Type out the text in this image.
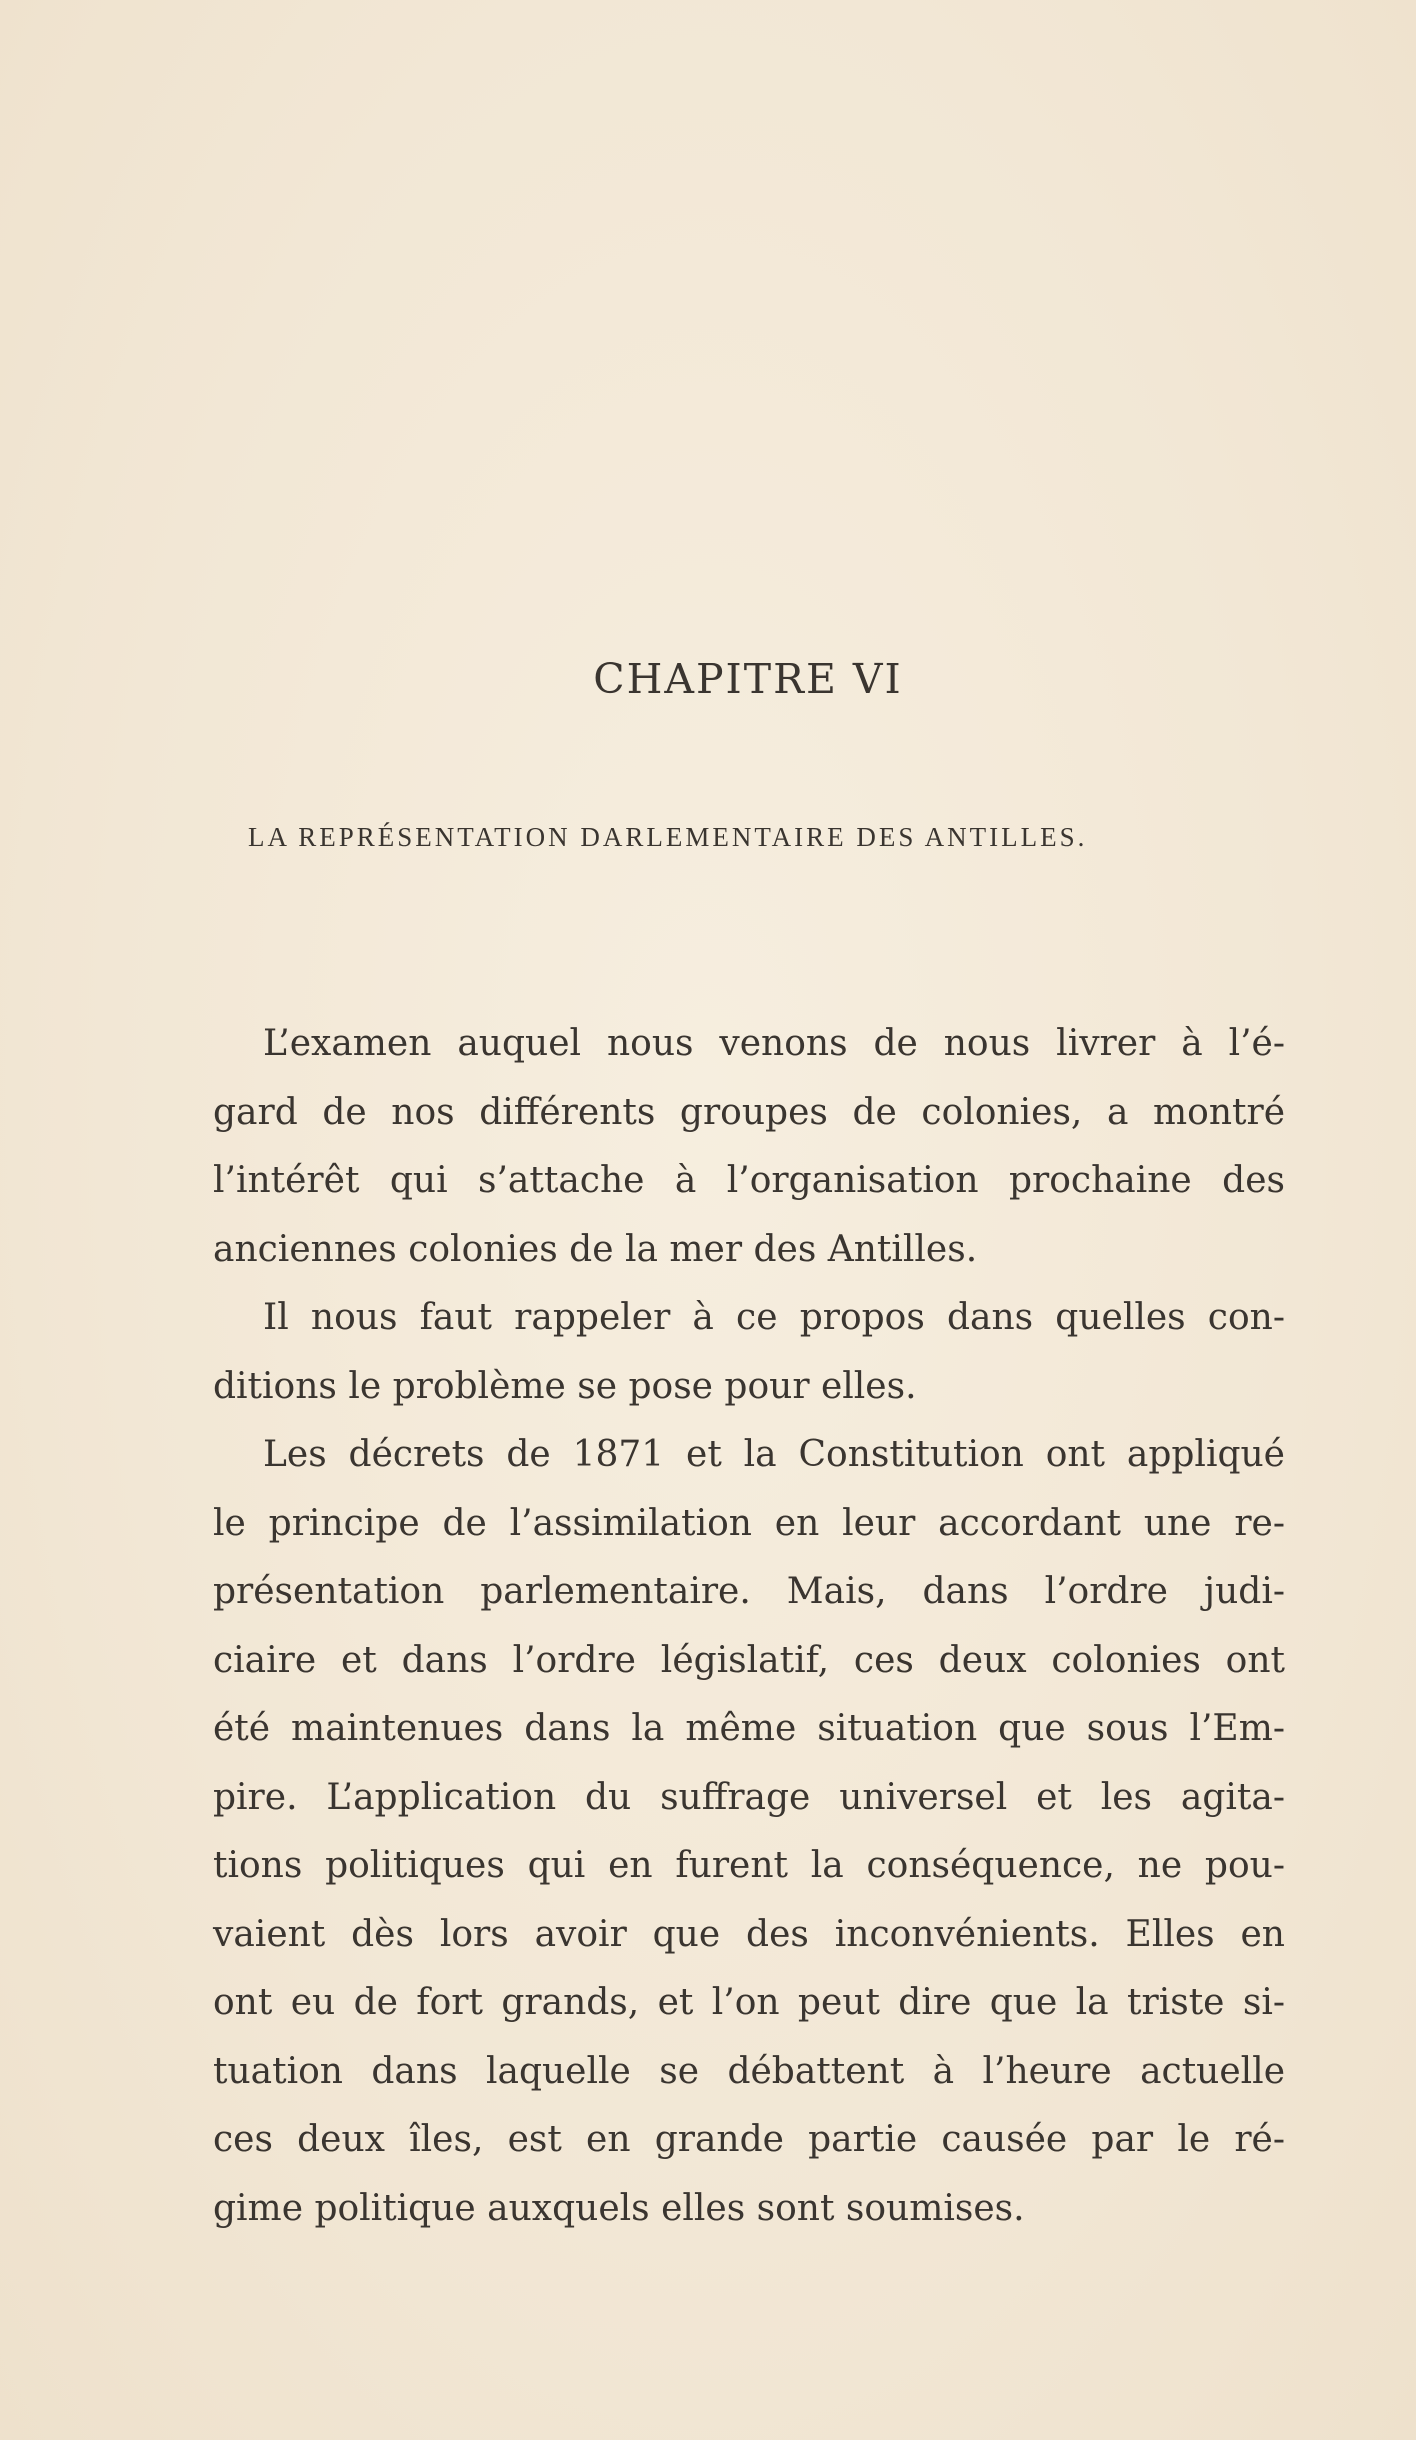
CHAPITRE VI
LA REPRÉSENTATION DARLEMENTAIRE DES ANTILLES.

L’examen auquel nous venons de nous livrer à l’é-
gard de nos différents groupes de colonies, a montré
l’intérêt qui s’attache à l’organisation prochaine des
anciennes colonies de la mer des Antilles.

Il nous faut rappeler à ce propos dans quelles con-
ditions le problème se pose pour elles.

Les décrets de 1871 et la Constitution ont appliqué
le principe de l’assimilation en leur accordant une re-
présentation parlementaire. Mais, dans l’ordre judi-
ciaire et dans l’ordre législatif, ces deux colonies ont
été maintenues dans la même situation que sous l’Em-
pire. L’application du suffrage universel et les agita-
tions politiques qui en furent la conséquence, ne pou-
vaient dès lors avoir que des inconvénients. Elles en
ont eu de fort grands, et l’on peut dire que la triste si-
tuation dans laquelle se débattent à l’heure actuelle
ces deux îles, est en grande partie causée par le ré-
gime politique auxquels elles sont soumises.
